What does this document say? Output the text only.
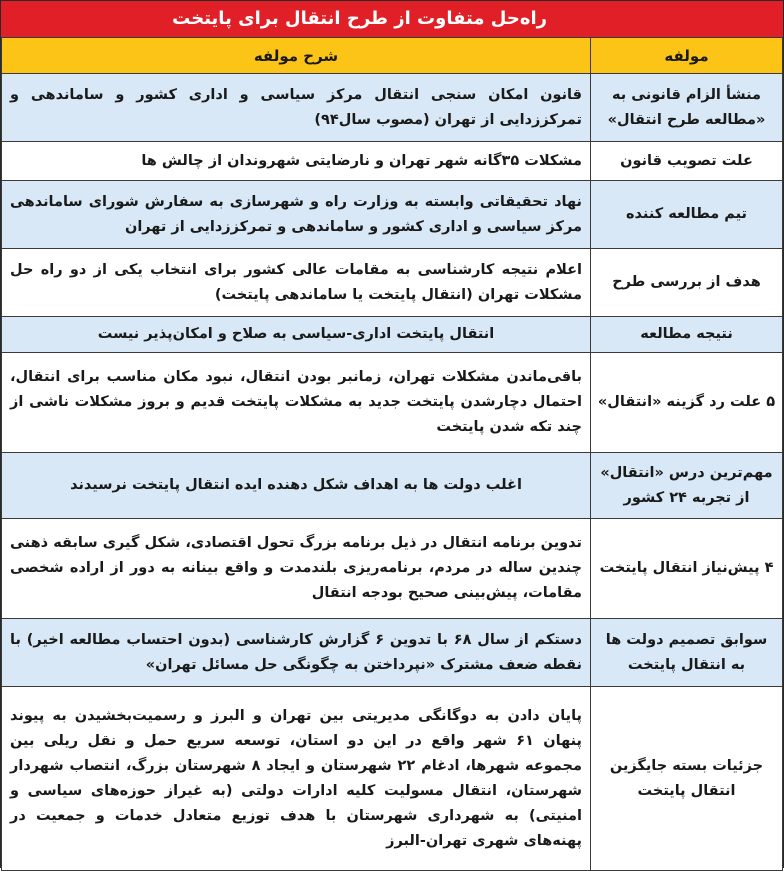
راه‌حل متفاوت از طرح انتقال برای پایتخت
مولفه	شرح مولفه
منشأ الزام قانونی به «مطالعه طرح انتقال»	قانون امکان سنجی انتقال مرکز سیاسی و اداری کشور و ساماندهی و تمرکززدایی از تهران (مصوب سال۹۴)
علت تصویب قانون	مشکلات ۳۵گانه شهر تهران و نارضایتی شهروندان از چالش ها
تیم مطالعه کننده	نهاد تحقیقاتی وابسته به وزارت راه و شهرسازی به سفارش شورای ساماندهی مرکز سیاسی و اداری کشور و ساماندهی و تمرکززدایی از تهران
هدف از بررسی طرح	اعلام نتیجه کارشناسی به مقامات عالی کشور برای انتخاب یکی از دو راه حل مشکلات تهران (انتقال پایتخت یا ساماندهی پایتخت)
نتیجه مطالعه	انتقال پایتخت اداری-سیاسی به صلاح و امکان‌پذیر نیست
۵ علت رد گزینه «انتقال»	باقی‌ماندن مشکلات تهران، زمانبر بودن انتقال، نبود مکان مناسب برای انتقال، احتمال دچارشدن پایتخت جدید به مشکلات پایتخت قدیم و بروز مشکلات ناشی از چند تکه شدن پایتخت
مهم‌ترین درس «انتقال» از تجربه ۲۴ کشور	اغلب دولت ها به اهداف شکل دهنده ایده انتقال پایتخت نرسیدند
۴ پیش‌نیاز انتقال پایتخت	تدوین برنامه انتقال در ذیل برنامه بزرگ تحول اقتصادی، شکل گیری سابقه ذهنی چندین ساله در مردم، برنامه‌ریزی بلندمدت و واقع بینانه به دور از اراده شخصی مقامات، پیش‌بینی صحیح بودجه انتقال
سوابق تصمیم دولت ها به انتقال پایتخت	دستکم از سال ۶۸ با تدوین ۶ گزارش کارشناسی (بدون احتساب مطالعه اخیر) با نقطه ضعف مشترک «نپرداختن به چگونگی حل مسائل تهران»
جزئیات بسته جایگزین انتقال پایتخت	پایان دادن به دوگانگی مدیریتی بین تهران و البرز و رسمیت‌بخشیدن به پیوند پنهان ۶۱ شهر واقع در این دو استان، توسعه سریع حمل و نقل ریلی بین مجموعه شهرها، ادغام ۲۲ شهرستان و ایجاد ۸ شهرستان بزرگ، انتصاب شهردار شهرستان، انتقال مسولیت کلیه ادارات دولتی (به غیراز حوزه‌های سیاسی و امنیتی) به شهرداری شهرستان با هدف توزیع متعادل خدمات و جمعیت در پهنه‌های شهری تهران-البرز
